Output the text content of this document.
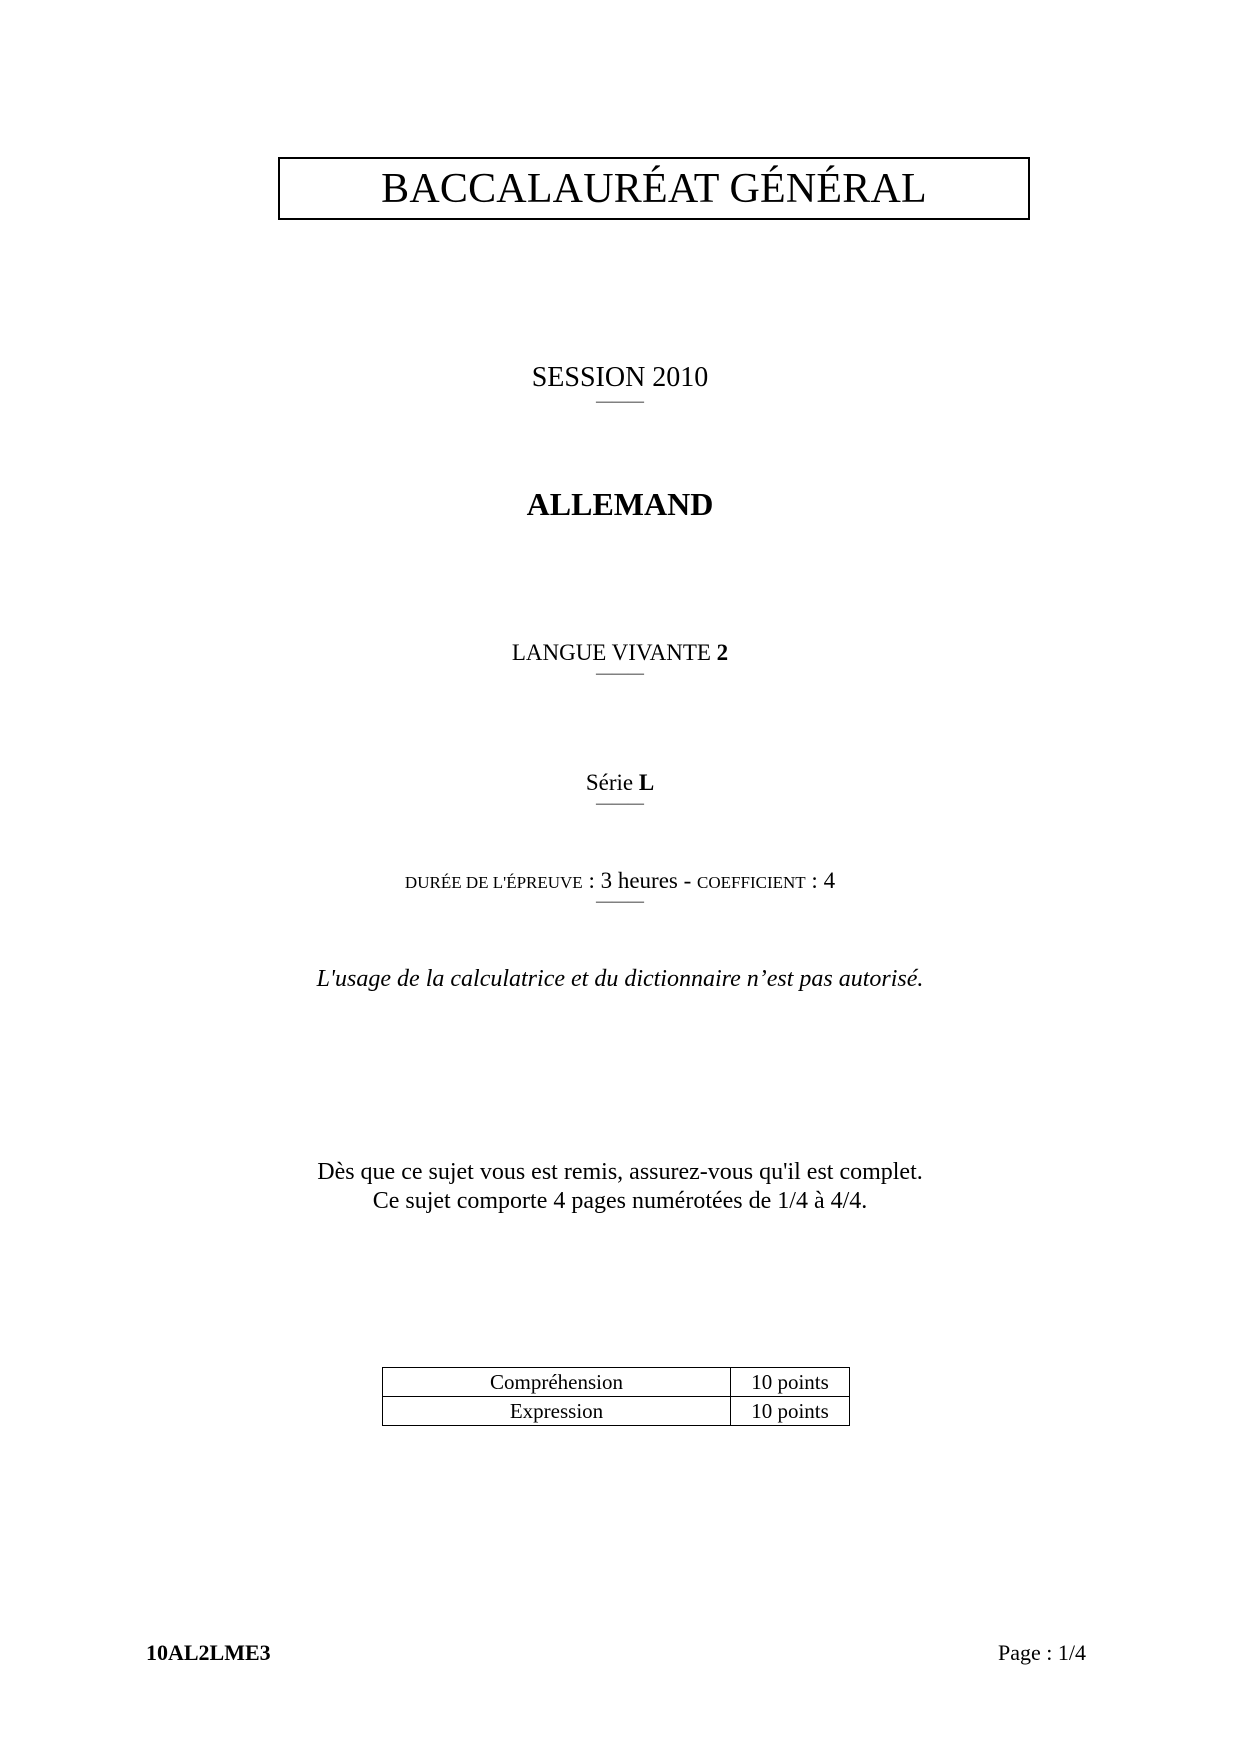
BACCALAURÉAT GÉNÉRAL
SESSION 2010
———
ALLEMAND
LANGUE VIVANTE 2
———
Série L
———
DURÉE DE L'ÉPREUVE : 3 heures - COEFFICIENT : 4
———
L'usage de la calculatrice et du dictionnaire n’est pas autorisé.
Dès que ce sujet vous est remis, assurez-vous qu'il est complet.
Ce sujet comporte 4 pages numérotées de 1/4 à 4/4.
Compréhension	10 points
Expression	10 points
10AL2LME3	Page : 1/4
